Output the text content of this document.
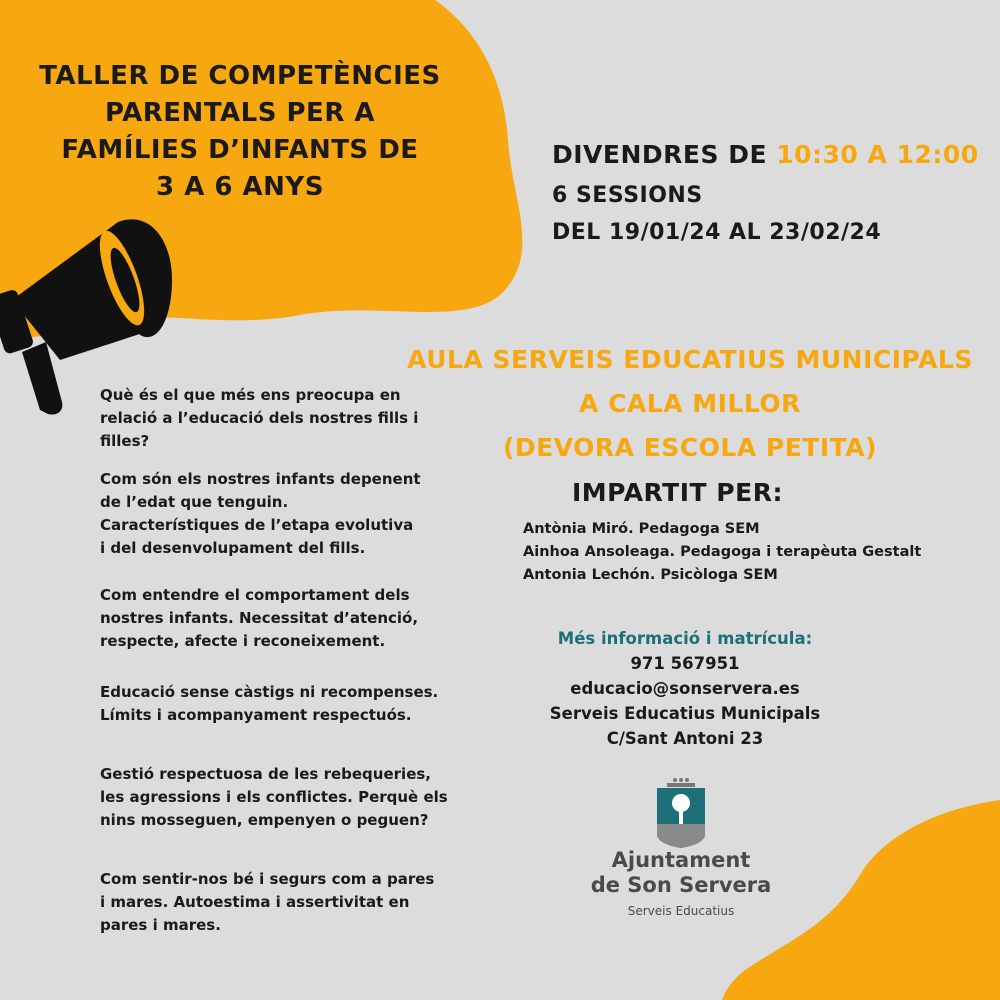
TALLER DE COMPETÈNCIES
PARENTALS PER A
FAMÍLIES D’INFANTS DE
3 A 6 ANYS
DIVENDRES DE 10:30 A 12:00
6 SESSIONS
DEL 19/01/24 AL 23/02/24
AULA SERVEIS EDUCATIUS MUNICIPALS
A CALA MILLOR
(DEVORA ESCOLA PETITA)
IMPARTIT PER:
Antònia Miró. Pedagoga SEM
Ainhoa Ansoleaga. Pedagoga i terapèuta Gestalt
Antonia Lechón. Psicòloga SEM
Més informació i matrícula:
971 567951
educacio@sonservera.es
Serveis Educatius Municipals
C/Sant Antoni 23
Què és el que més ens preocupa en
relació a l’educació dels nostres fills i
filles?
Com són els nostres infants depenent
de l’edat que tenguin.
Característiques de l’etapa evolutiva
i del desenvolupament del fills.
Com entendre el comportament dels
nostres infants. Necessitat d’atenció,
respecte, afecte i reconeixement.
Educació sense càstigs ni recompenses.
Límits i acompanyament respectuós.
Gestió respectuosa de les rebequeries,
les agressions i els conflictes. Perquè els
nins mosseguen, empenyen o peguen?
Com sentir-nos bé i segurs com a pares
i mares. Autoestima i assertivitat en
pares i mares.
Ajuntament
de Son Servera
Serveis Educatius
